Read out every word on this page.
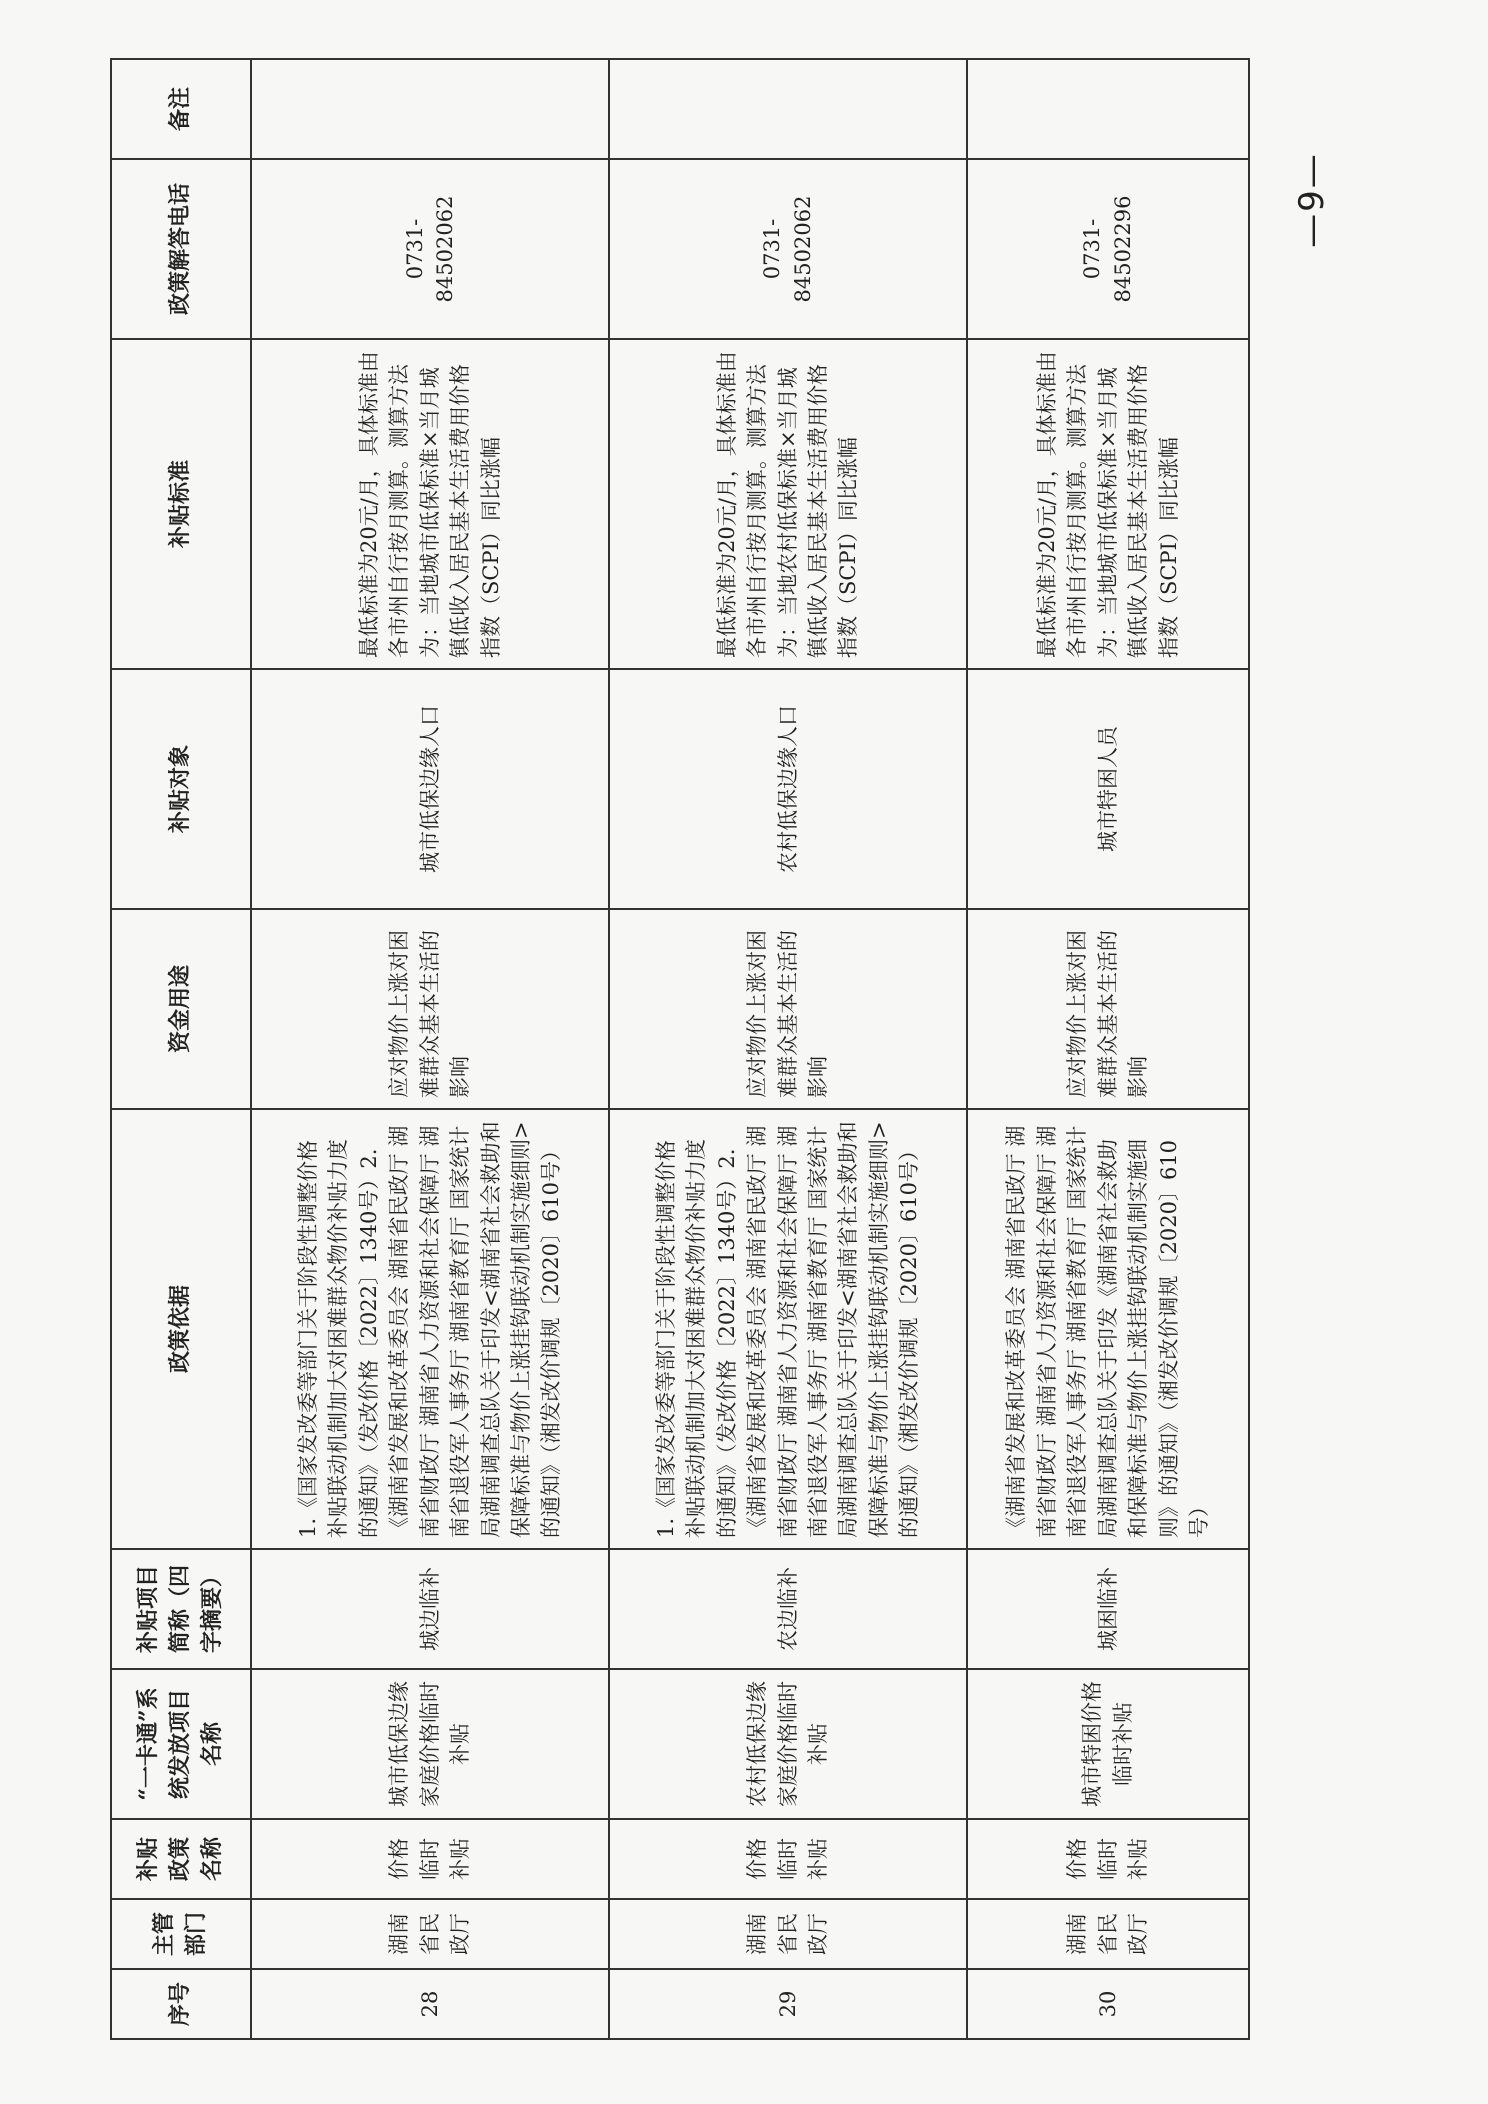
序号	主管部门	补贴政策名称	“一卡通”系统发放项目名称	补贴项目简称（四字摘要）	政策依据	资金用途	补贴对象	补贴标准	政策解答电话	备注
28	湖南省民政厅	价格临时补贴	城市低保边缘家庭价格临时补贴	城边临补	1.《国家发改委等部门关于阶段性调整价格补贴联动机制加大对困难群众物价补贴力度的通知》（发改价格〔2022〕1340号）2.《湖南省发展和改革委员会 湖南省民政厅 湖南省财政厅 湖南省人力资源和社会保障厅 湖南省退役军人事务厅 湖南省教育厅 国家统计局湖南调查总队关于印发<湖南省社会救助和保障标准与物价上涨挂钩联动机制实施细则>的通知》（湘发改价调规〔2020〕610号）	应对物价上涨对困难群众基本生活的影响	城市低保边缘人口	最低标准为20元/月，具体标准由各市州自行按月测算。测算方法为：当地城市低保标准×当月城镇低收入居民基本生活费用价格指数（SCPI）同比涨幅	0731-84502062	
29	湖南省民政厅	价格临时补贴	农村低保边缘家庭价格临时补贴	农边临补	1.《国家发改委等部门关于阶段性调整价格补贴联动机制加大对困难群众物价补贴力度的通知》（发改价格〔2022〕1340号）2.《湖南省发展和改革委员会 湖南省民政厅 湖南省财政厅 湖南省人力资源和社会保障厅 湖南省退役军人事务厅 湖南省教育厅 国家统计局湖南调查总队关于印发<湖南省社会救助和保障标准与物价上涨挂钩联动机制实施细则>的通知》（湘发改价调规〔2020〕610号）	应对物价上涨对困难群众基本生活的影响	农村低保边缘人口	最低标准为20元/月，具体标准由各市州自行按月测算。测算方法为：当地农村低保标准×当月城镇低收入居民基本生活费用价格指数（SCPI）同比涨幅	0731-84502062	
30	湖南省民政厅	价格临时补贴	城市特困价格临时补贴	城困临补	《湖南省发展和改革委员会 湖南省民政厅 湖南省财政厅 湖南省人力资源和社会保障厅 湖南省退役军人事务厅 湖南省教育厅 国家统计局湖南调查总队关于印发《湖南省社会救助和保障标准与物价上涨挂钩联动机制实施细则》的通知》（湘发改价调规〔2020〕610号）	应对物价上涨对困难群众基本生活的影响	城市特困人员	最低标准为20元/月，具体标准由各市州自行按月测算。测算方法为：当地城市低保标准×当月城镇低收入居民基本生活费用价格指数（SCPI）同比涨幅	0731-84502296		—9—
